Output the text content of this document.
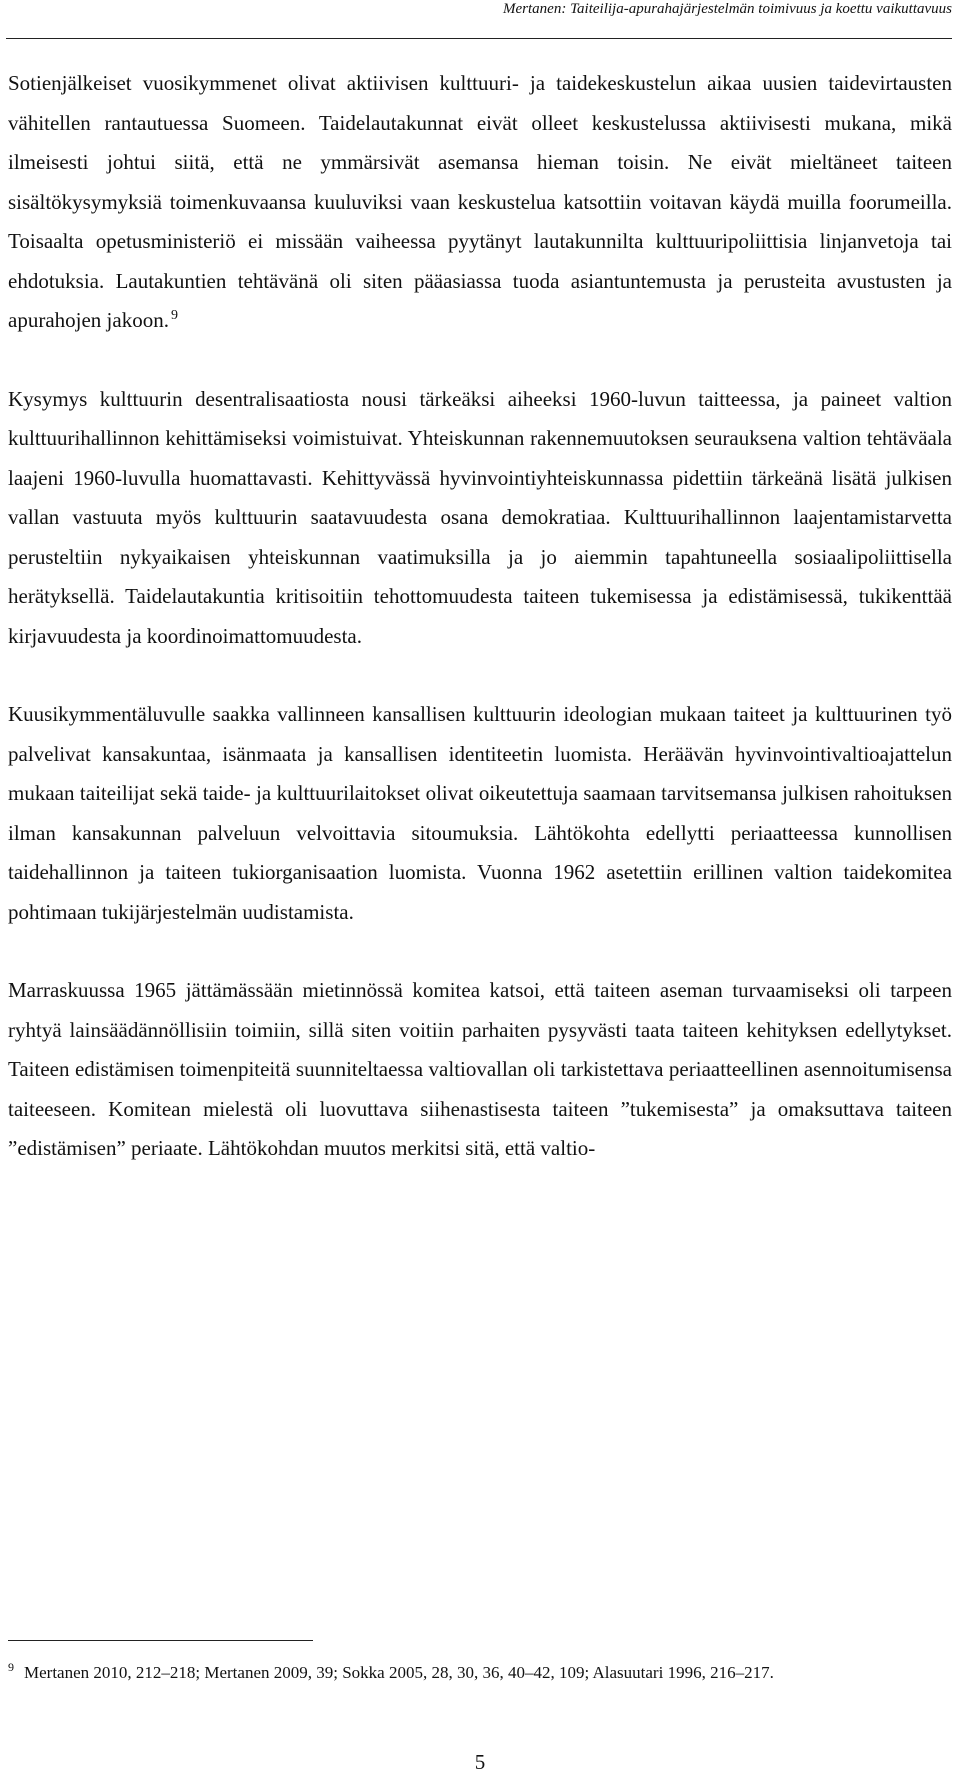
Mertanen: Taiteilija-apurahajärjestelmän toimivuus ja koettu vaikuttavuus

Sotienjälkeiset vuosikymmenet olivat aktiivisen kulttuuri- ja taidekeskustelun aikaa uusien taidevirtausten vähitellen rantautuessa Suomeen. Taidelautakunnat eivät olleet keskustelussa aktiivisesti mukana, mikä ilmeisesti johtui siitä, että ne ymmärsivät asemansa hieman toisin. Ne eivät mieltäneet taiteen sisältökysymyksiä toimenkuvaansa kuuluviksi vaan keskustelua katsottiin voitavan käydä muilla foorumeilla. Toisaalta opetusministeriö ei missään vaiheessa pyytänyt lautakunnilta kulttuuripoliittisia linjanvetoja tai ehdotuksia. Lautakuntien tehtävänä oli siten pääasiassa tuoda asiantuntemusta ja perusteita avustusten ja apurahojen jakoon. $^9$

Kysymys kulttuurin desentralisaatiosta nousi tärkeäksi aiheeksi 1960-luvun taitteessa, ja paineet valtion kulttuurihallinnon kehittämiseksi voimistuivat. Yhteiskunnan rakennemuutoksen seurauksena valtion tehtäväala laajeni 1960-luvulla huomattavasti. Kehittyvässä hyvinvointiyhteiskunnassa pidettiin tärkeänä lisätä julkisen vallan vastuuta myös kulttuurin saatavuudesta osana demokratiaa. Kulttuurihallinnon laajentamistarvetta perusteltiin nykyaikaisen yhteiskunnan vaatimuksilla ja jo aiemmin tapahtuneella sosiaalipoliittisella herätyksellä. Taidelautakuntia kritisoitiin tehottomuudesta taiteen tukemisessa ja edistämisessä, tukikenttää kirjavuudesta ja koordinoimattomuudesta.

Kuusikymmentäluvulle saakka vallinneen kansallisen kulttuurin ideologian mukaan taiteet ja kulttuurinen työ palvelivat kansakuntaa, isänmaata ja kansallisen identiteetin luomista. Heräävän hyvinvointivaltioajattelun mukaan taiteilijat sekä taide- ja kulttuurilaitokset olivat oikeutettuja saamaan tarvitsemansa julkisen rahoituksen ilman kansakunnan palveluun velvoittavia sitoumuksia. Lähtökohta edellytti periaatteessa kunnollisen taidehallinnon ja taiteen tukiorganisaation luomista. Vuonna 1962 asetettiin erillinen valtion taidekomitea pohtimaan tukijärjestelmän uudistamista.

Marraskuussa 1965 jättämässään mietinnössä komitea katsoi, että taiteen aseman turvaamiseksi oli tarpeen ryhtyä lainsäädännöllisiin toimiin, sillä siten voitiin parhaiten pysyvästi taata taiteen kehityksen edellytykset. Taiteen edistämisen toimenpiteitä suunniteltaessa valtiovallan oli tarkistettava periaatteellinen asennoitumisensa taiteeseen. Komitean mielestä oli luovuttava siihenastisesta taiteen ”tukemisesta” ja omaksuttava taiteen ”edistämisen” periaate. Lähtökohdan muutos merkitsi sitä, että valtio-

$^9$ Mertanen 2010, 212–218; Mertanen 2009, 39; Sokka 2005, 28, 30, 36, 40–42, 109; Alasuutari 1996, 216–217.
5
